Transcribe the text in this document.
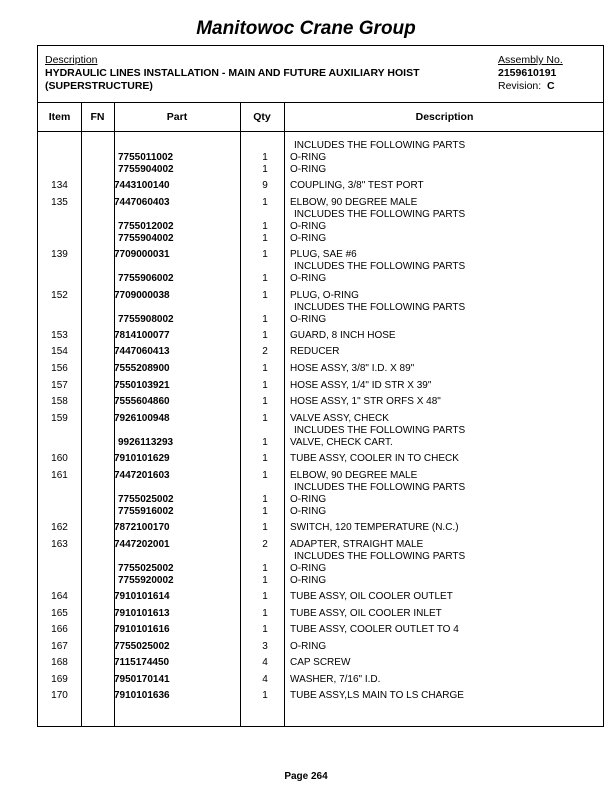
Manitowoc Crane Group
Description
HYDRAULIC LINES INSTALLATION - MAIN AND FUTURE AUXILIARY HOIST
(SUPERSTRUCTURE)
Assembly No.
2159610191
Revision: C
Item	FN	Part	Qty	Description
INCLUDES THE FOLLOWING PARTS
7755011002	1	O-RING
7755904002	1	O-RING
134	7443100140	9	COUPLING, 3/8" TEST PORT
135	7447060403	1	ELBOW, 90 DEGREE MALE
INCLUDES THE FOLLOWING PARTS
7755012002	1	O-RING
7755904002	1	O-RING
139	7709000031	1	PLUG, SAE #6
INCLUDES THE FOLLOWING PARTS
7755906002	1	O-RING
152	7709000038	1	PLUG, O-RING
INCLUDES THE FOLLOWING PARTS
7755908002	1	O-RING
153	7814100077	1	GUARD, 8 INCH HOSE
154	7447060413	2	REDUCER
156	7555208900	1	HOSE ASSY, 3/8" I.D. X 89"
157	7550103921	1	HOSE ASSY, 1/4" ID STR X 39"
158	7555604860	1	HOSE ASSY, 1" STR ORFS X 48"
159	7926100948	1	VALVE ASSY, CHECK
INCLUDES THE FOLLOWING PARTS
9926113293	1	VALVE, CHECK CART.
160	7910101629	1	TUBE ASSY, COOLER IN TO CHECK
161	7447201603	1	ELBOW, 90 DEGREE MALE
INCLUDES THE FOLLOWING PARTS
7755025002	1	O-RING
7755916002	1	O-RING
162	7872100170	1	SWITCH, 120 TEMPERATURE (N.C.)
163	7447202001	2	ADAPTER, STRAIGHT MALE
INCLUDES THE FOLLOWING PARTS
7755025002	1	O-RING
7755920002	1	O-RING
164	7910101614	1	TUBE ASSY, OIL COOLER OUTLET
165	7910101613	1	TUBE ASSY, OIL COOLER INLET
166	7910101616	1	TUBE ASSY, COOLER OUTLET TO 4
167	7755025002	3	O-RING
168	7115174450	4	CAP SCREW
169	7950170141	4	WASHER, 7/16" I.D.
170	7910101636	1	TUBE ASSY,LS MAIN TO LS CHARGE
Page 264
